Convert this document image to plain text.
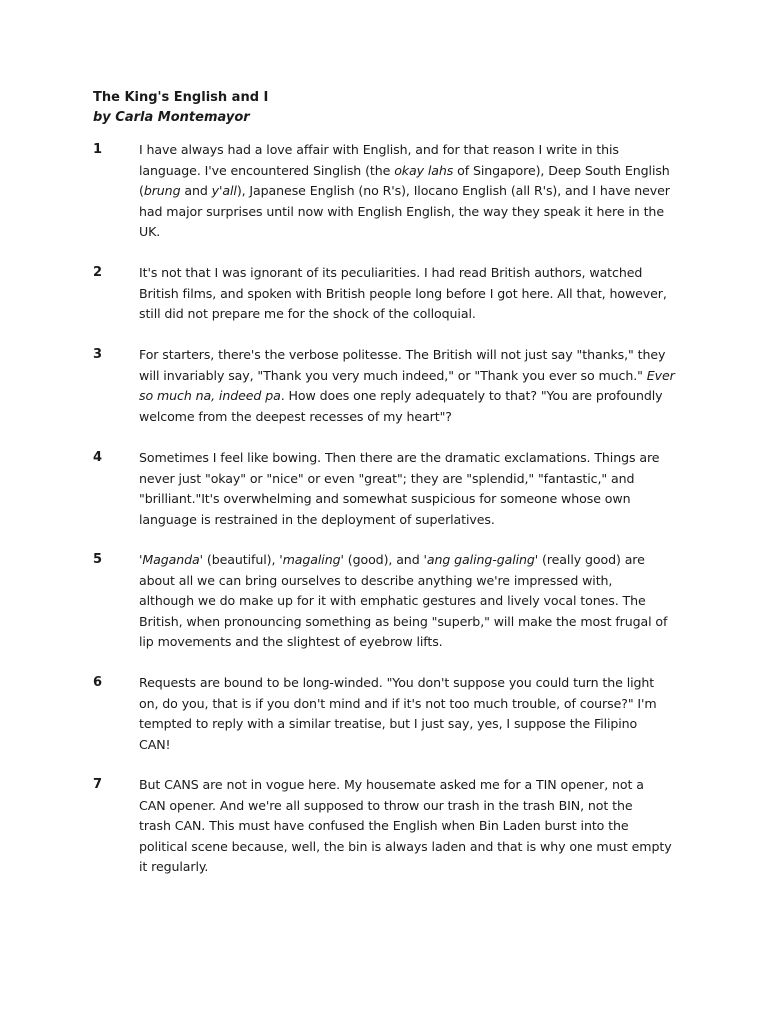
The King's English and I

by Carla Montemayor

1	I have always had a love affair with English, and for that reason I write in this
language. I've encountered Singlish (the okay lahs of Singapore), Deep South English
(brung and y'all), Japanese English (no R's), Ilocano English (all R's), and I have never
had major surprises until now with English English, the way they speak it here in the
UK.
2	It's not that I was ignorant of its peculiarities. I had read British authors, watched
British films, and spoken with British people long before I got here. All that, however,
still did not prepare me for the shock of the colloquial.
3	For starters, there's the verbose politesse. The British will not just say "thanks," they
will invariably say, "Thank you very much indeed," or "Thank you ever so much." Ever
so much na, indeed pa. How does one reply adequately to that? "You are profoundly
welcome from the deepest recesses of my heart"?
4	Sometimes I feel like bowing. Then there are the dramatic exclamations. Things are
never just "okay" or "nice" or even "great"; they are "splendid," "fantastic," and
"brilliant."It's overwhelming and somewhat suspicious for someone whose own
language is restrained in the deployment of superlatives.
5	'Maganda' (beautiful), 'magaling' (good), and 'ang galing-galing' (really good) are
about all we can bring ourselves to describe anything we're impressed with,
although we do make up for it with emphatic gestures and lively vocal tones. The
British, when pronouncing something as being "superb," will make the most frugal of
lip movements and the slightest of eyebrow lifts.
6	Requests are bound to be long-winded. "You don't suppose you could turn the light
on, do you, that is if you don't mind and if it's not too much trouble, of course?" I'm
tempted to reply with a similar treatise, but I just say, yes, I suppose the Filipino
CAN!
7	But CANS are not in vogue here. My housemate asked me for a TIN opener, not a
CAN opener. And we're all supposed to throw our trash in the trash BIN, not the
trash CAN. This must have confused the English when Bin Laden burst into the
political scene because, well, the bin is always laden and that is why one must empty
it regularly.
